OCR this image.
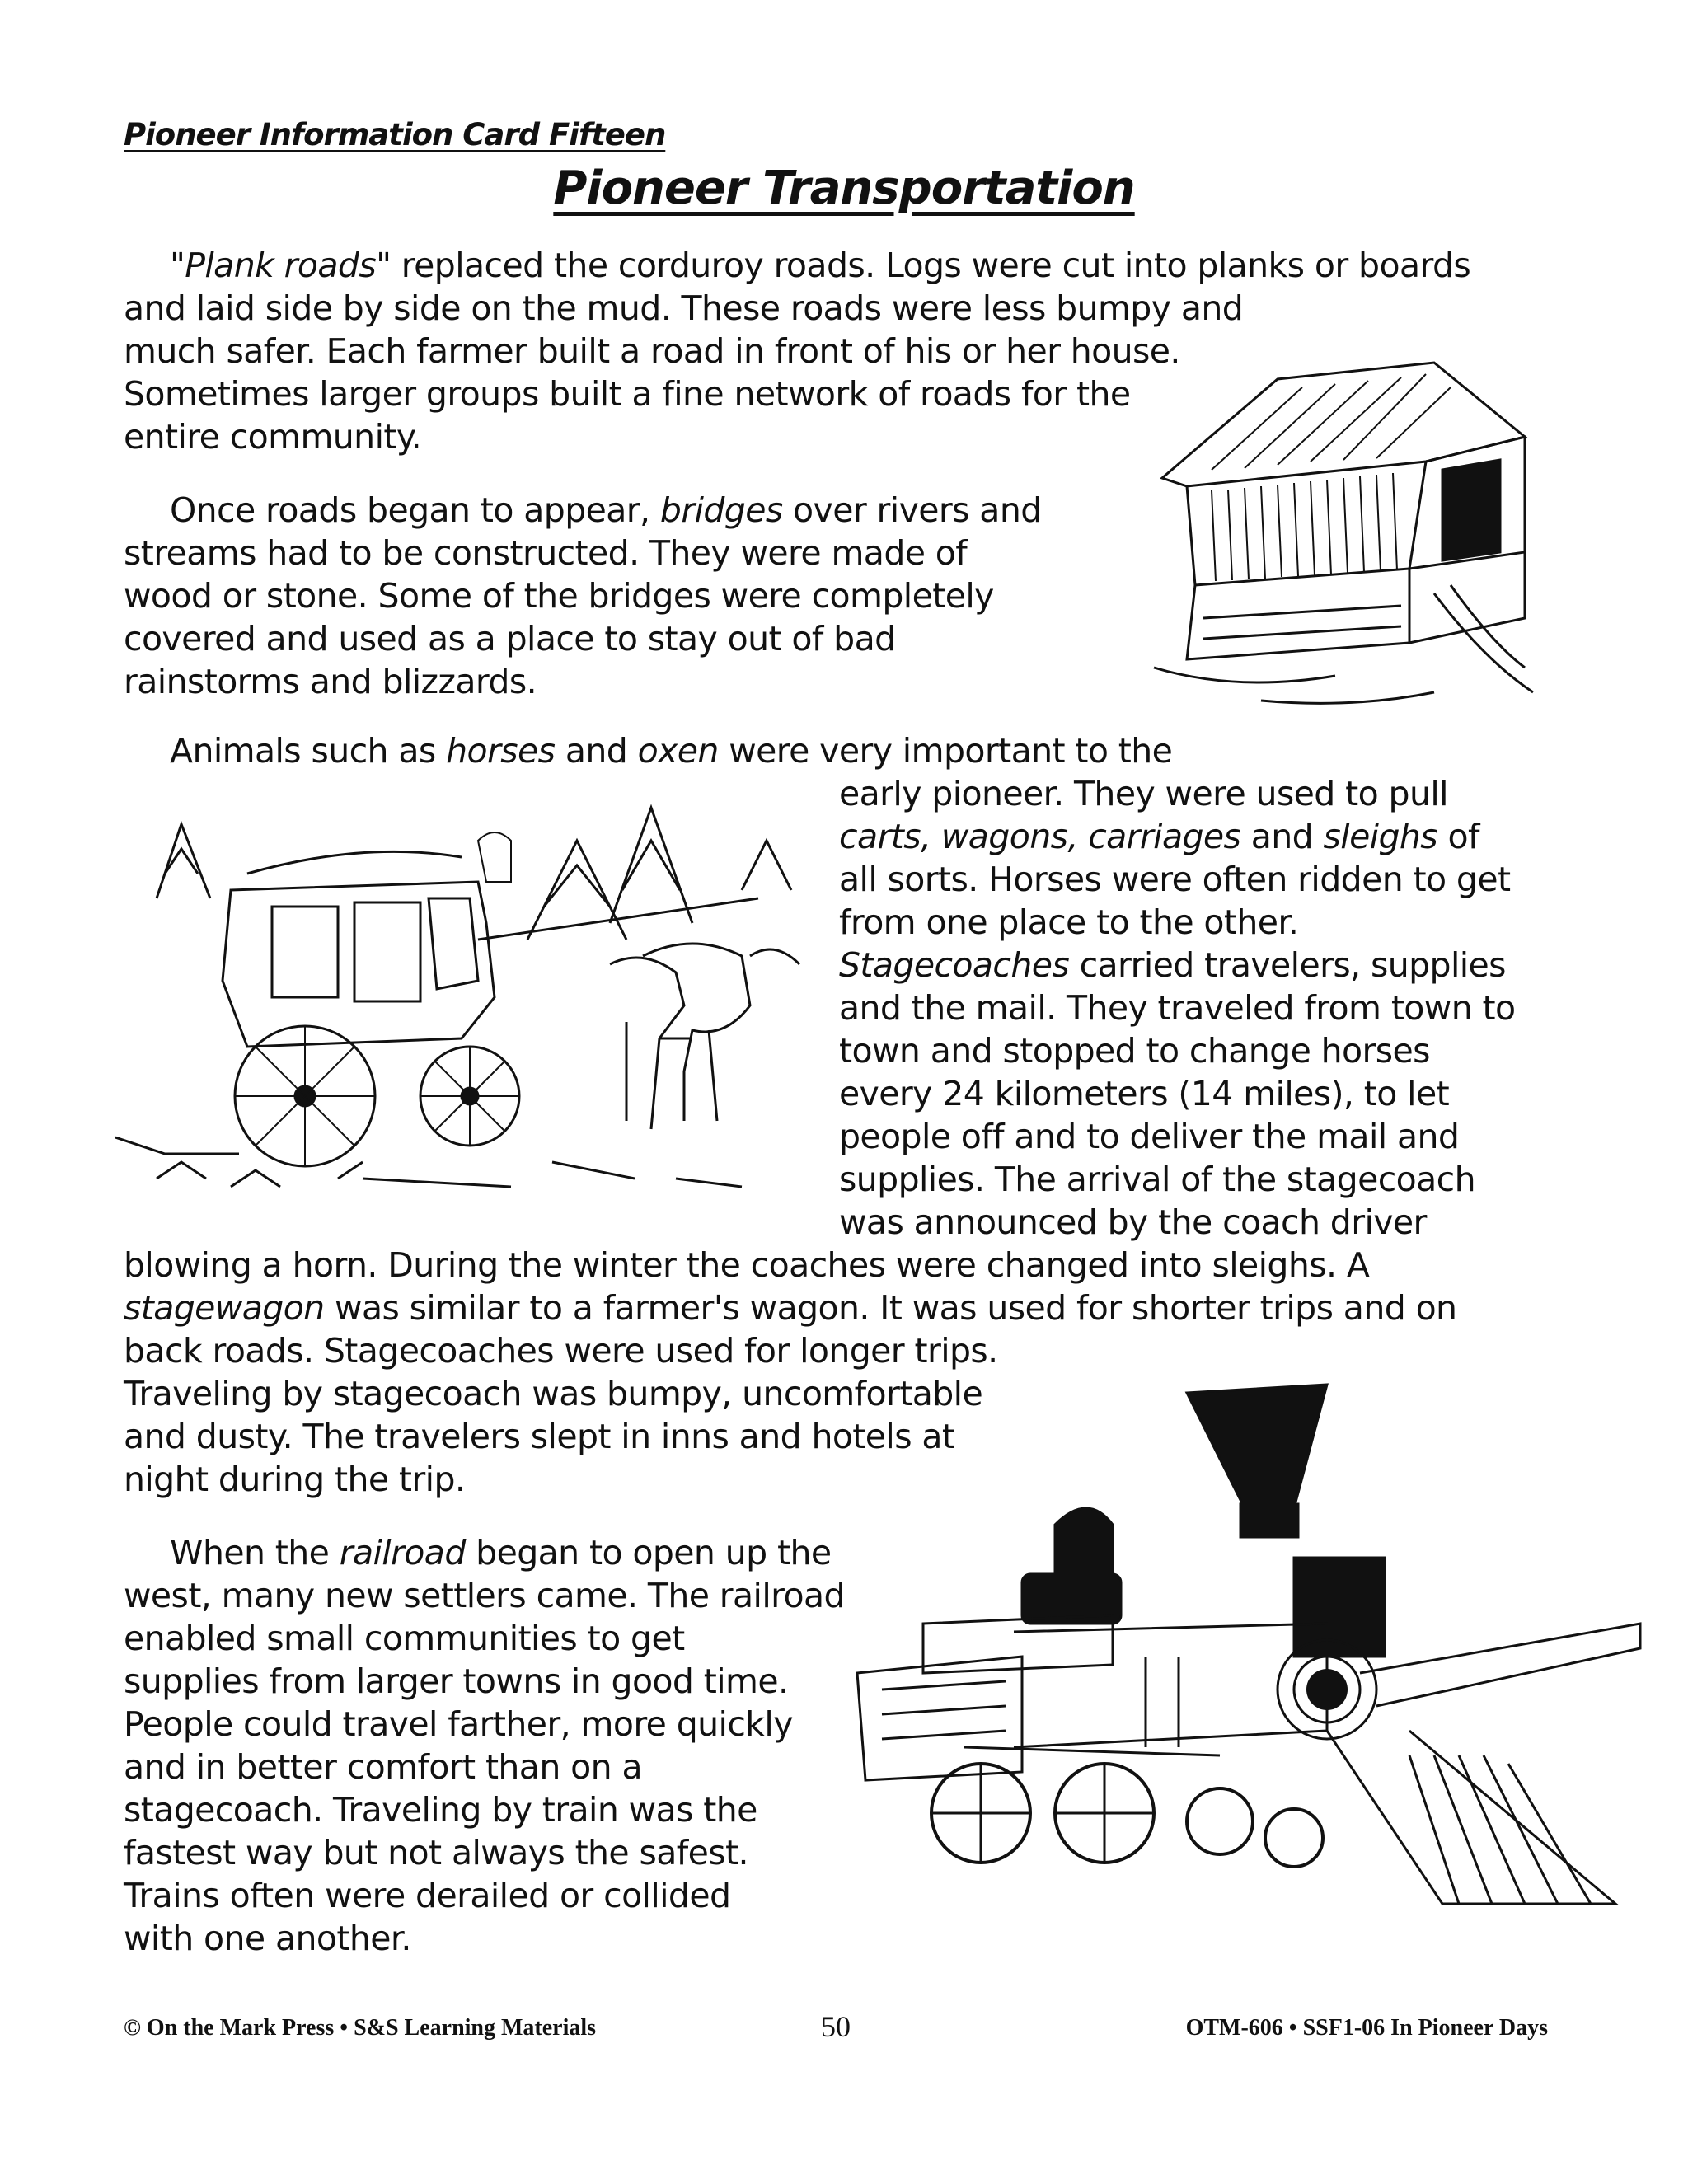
Pioneer Information Card Fifteen
Pioneer Transportation
"Plank roads" replaced the corduroy roads. Logs were cut into planks or boards
and laid side by side on the mud. These roads were less bumpy and
much safer. Each farmer built a road in front of his or her house.
Sometimes larger groups built a fine network of roads for the
entire community.
Once roads began to appear, bridges over rivers and
streams had to be constructed. They were made of
wood or stone. Some of the bridges were completely
covered and used as a place to stay out of bad
rainstorms and blizzards.
Animals such as horses and oxen were very important to the
early pioneer. They were used to pull
carts, wagons, carriages and sleighs of
all sorts. Horses were often ridden to get
from one place to the other.
Stagecoaches carried travelers, supplies
and the mail. They traveled from town to
town and stopped to change horses
every 24 kilometers (14 miles), to let
people off and to deliver the mail and
supplies. The arrival of the stagecoach
was announced by the coach driver
blowing a horn. During the winter the coaches were changed into sleighs. A
stagewagon was similar to a farmer's wagon. It was used for shorter trips and on
back roads. Stagecoaches were used for longer trips.
Traveling by stagecoach was bumpy, uncomfortable
and dusty. The travelers slept in inns and hotels at
night during the trip.
When the railroad began to open up the
west, many new settlers came. The railroad
enabled small communities to get
supplies from larger towns in good time.
People could travel farther, more quickly
and in better comfort than on a
stagecoach. Traveling by train was the
fastest way but not always the safest.
Trains often were derailed or collided
with one another.
© On the Mark Press • S&S Learning Materials	50	OTM-606 • SSF1-06 In Pioneer Days
